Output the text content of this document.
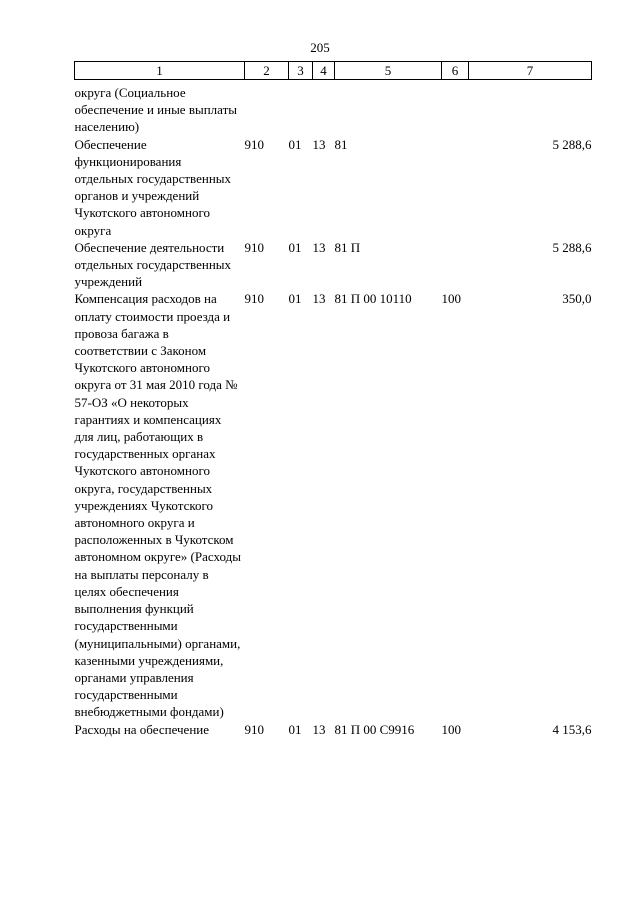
205
1	2	3	4	5	6	7
округа (Социальное обеспечение и иные выплаты населению)						
Обеспечение функционирования отдельных государственных органов и учреждений Чукотского автономного округа	910	01	13	81		5 288,6
Обеспечение деятельности отдельных государственных учреждений	910	01	13	81 П		5 288,6
Компенсация расходов на оплату стоимости проезда и провоза багажа в соответствии с Законом Чукотского автономного округа от 31 мая 2010 года № 57-ОЗ «О некоторых гарантиях и компенсациях для лиц, работающих в государственных органах Чукотского автономного округа, государственных учреждениях Чукотского автономного округа и расположенных в Чукотском автономном округе» (Расходы на выплаты персоналу в целях обеспечения выполнения функций государственными (муниципальными) органами, казенными учреждениями, органами управления государственными внебюджетными фондами)	910	01	13	81 П 00 10110	100	350,0
Расходы на обеспечение	910	01	13	81 П 00 С9916	100	4 153,6
